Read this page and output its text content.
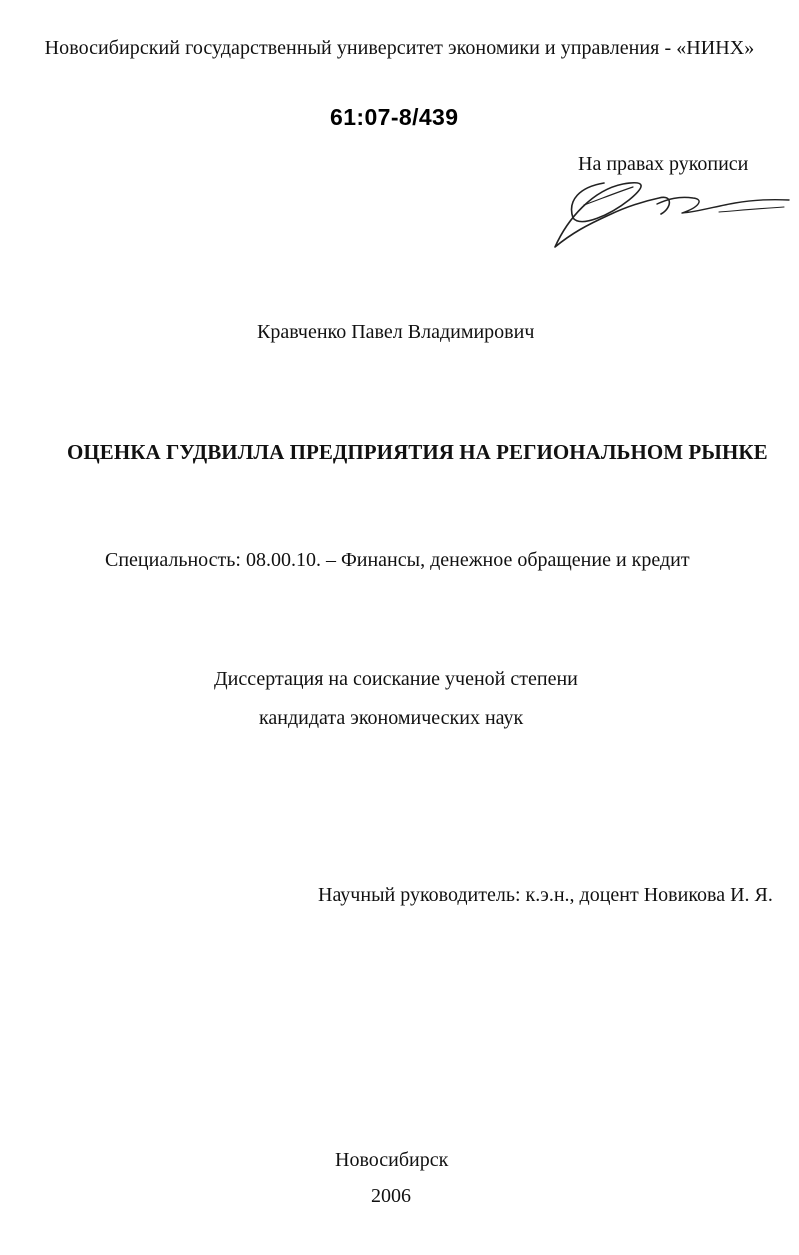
Новосибирский государственный университет экономики и управления - «НИНХ»
61:07-8/439
На правах рукописи
Кравченко Павел Владимирович
ОЦЕНКА ГУДВИЛЛА ПРЕДПРИЯТИЯ НА РЕГИОНАЛЬНОМ РЫНКЕ
Специальность: 08.00.10. – Финансы, денежное обращение и кредит
Диссертация на соискание ученой степени
кандидата экономических наук
Научный руководитель: к.э.н., доцент Новикова И. Я.
Новосибирск
2006
